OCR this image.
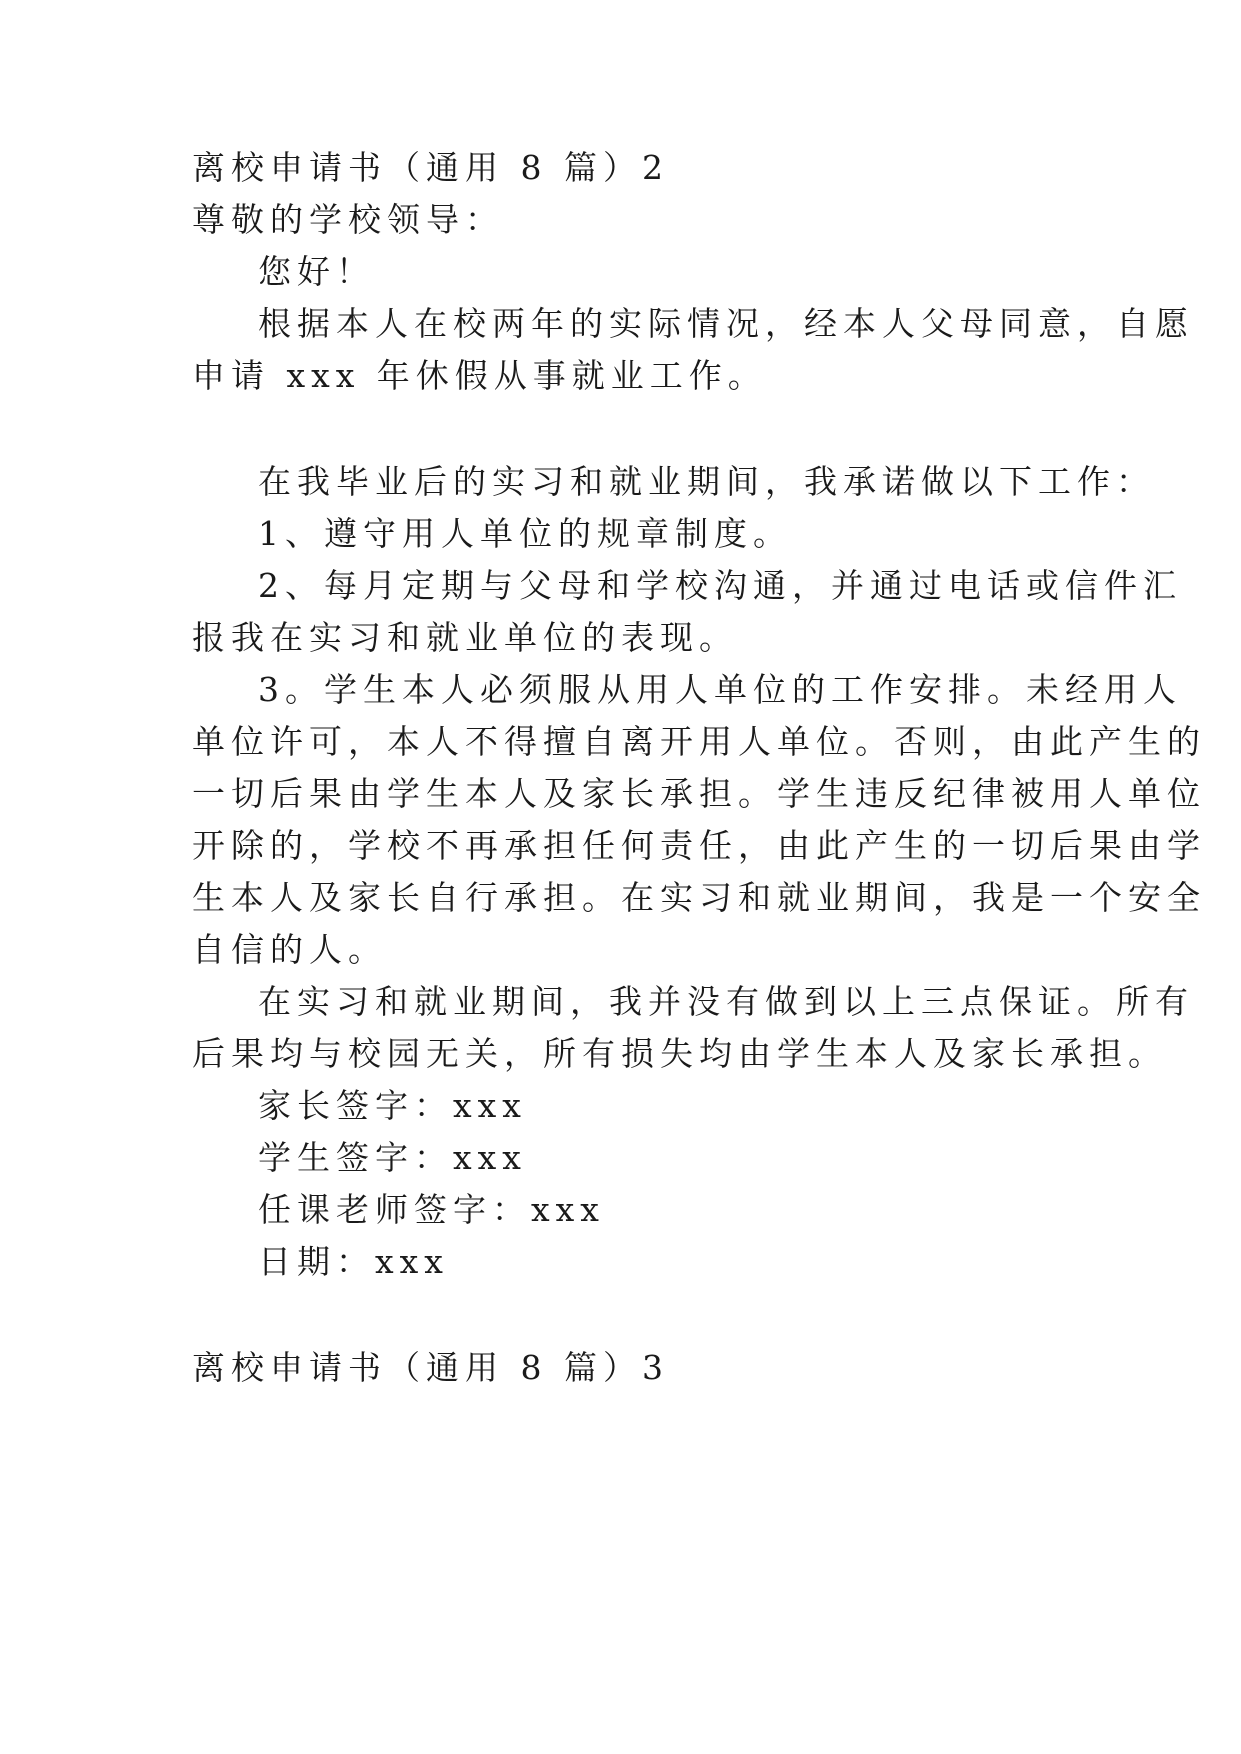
离校申请书（通用 8 篇）2
尊敬的学校领导：
您好！
根据本人在校两年的实际情况，经本人父母同意，自愿
申请 xxx 年休假从事就业工作。
在我毕业后的实习和就业期间，我承诺做以下工作：
1、遵守用人单位的规章制度。
2、每月定期与父母和学校沟通，并通过电话或信件汇
报我在实习和就业单位的表现。
3。学生本人必须服从用人单位的工作安排。未经用人
单位许可，本人不得擅自离开用人单位。否则，由此产生的
一切后果由学生本人及家长承担。学生违反纪律被用人单位
开除的，学校不再承担任何责任，由此产生的一切后果由学
生本人及家长自行承担。在实习和就业期间，我是一个安全
自信的人。
在实习和就业期间，我并没有做到以上三点保证。所有
后果均与校园无关，所有损失均由学生本人及家长承担。
家长签字：xxx
学生签字：xxx
任课老师签字：xxx
日期：xxx
离校申请书（通用 8 篇）3
